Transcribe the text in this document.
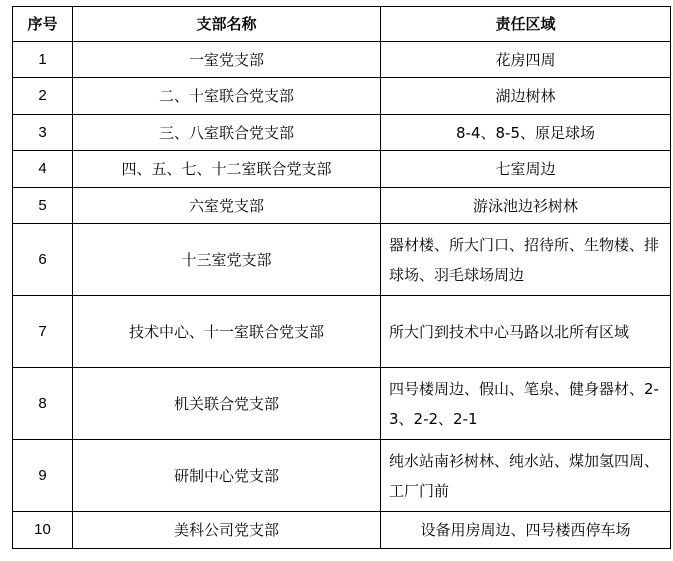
序号	支部名称	责任区域
1	一室党支部	花房四周
2	二、十室联合党支部	湖边树林
3	三、八室联合党支部	8-4、8-5、原足球场
4	四、五、七、十二室联合党支部	七室周边
5	六室党支部	游泳池边衫树林
6	十三室党支部	器材楼、所大门口、招待所、生物楼、排球场、羽毛球场周边
7	技术中心、十一室联合党支部	所大门到技术中心马路以北所有区域
8	机关联合党支部	四号楼周边、假山、笔泉、健身器材、2-3、2-2、2-1
9	研制中心党支部	纯水站南衫树林、纯水站、煤加氢四周、工厂门前
10	美科公司党支部	设备用房周边、四号楼西停车场
